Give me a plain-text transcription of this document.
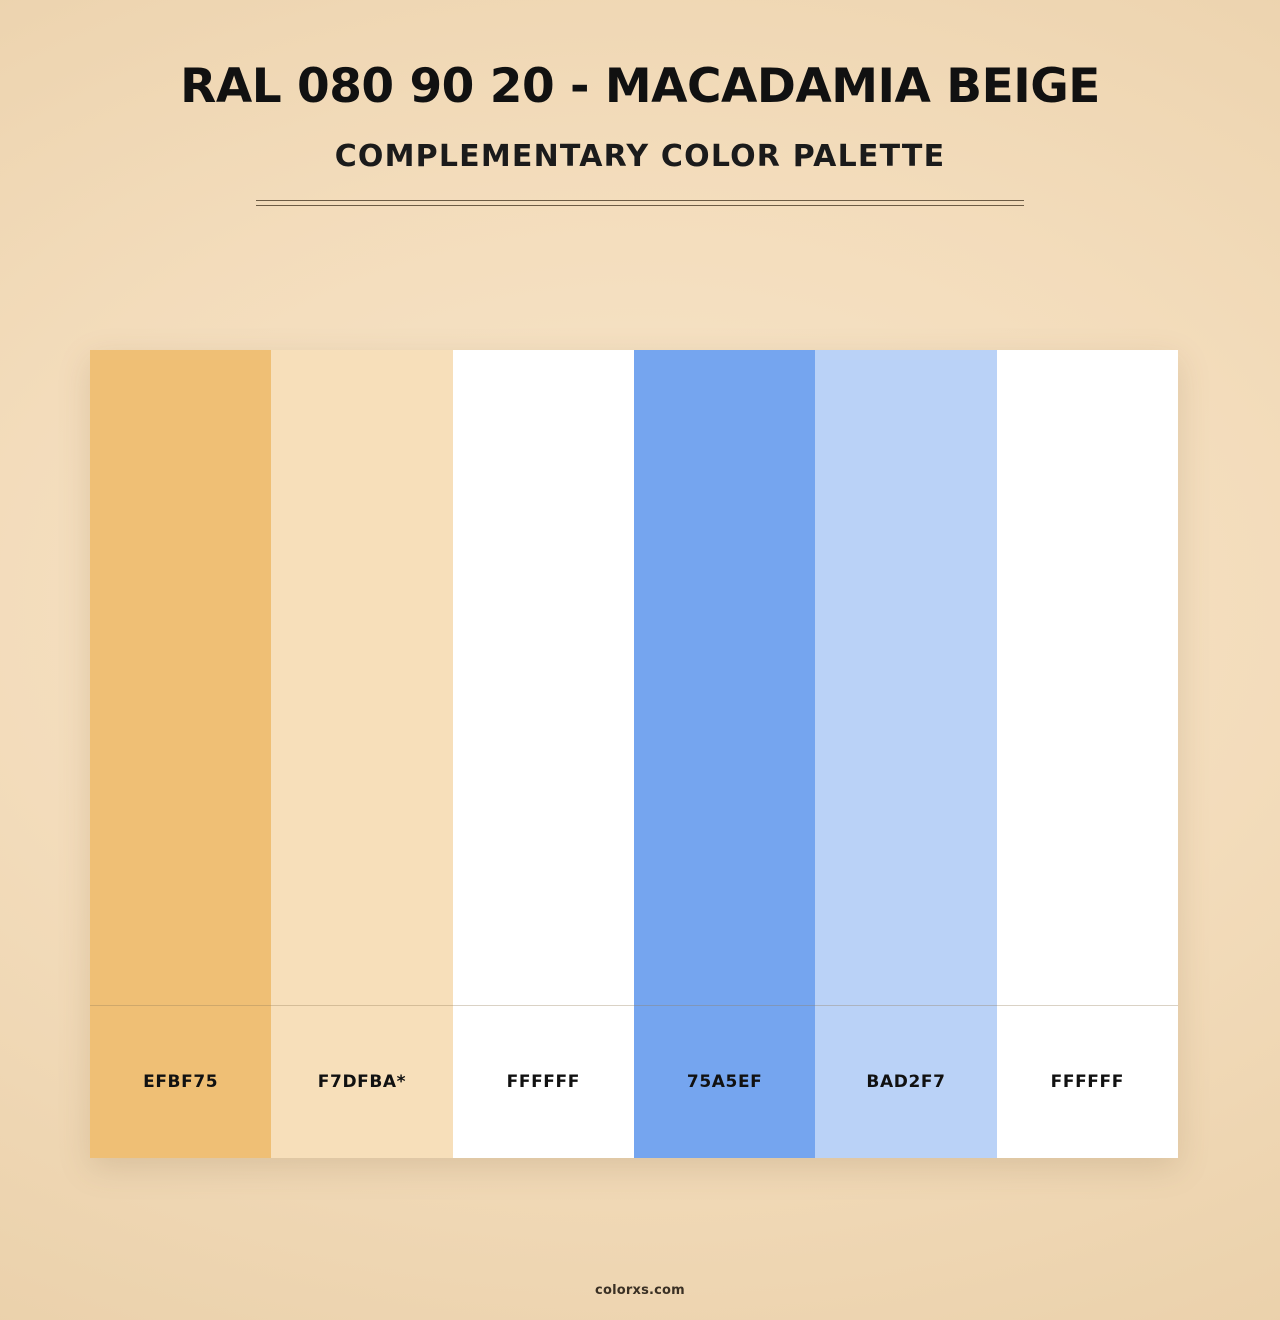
RAL 080 90 20 - MACADAMIA BEIGE
COMPLEMENTARY COLOR PALETTE
EFBF75	F7DFBA*	FFFFFF	75A5EF	BAD2F7	FFFFFF
colorxs.com
